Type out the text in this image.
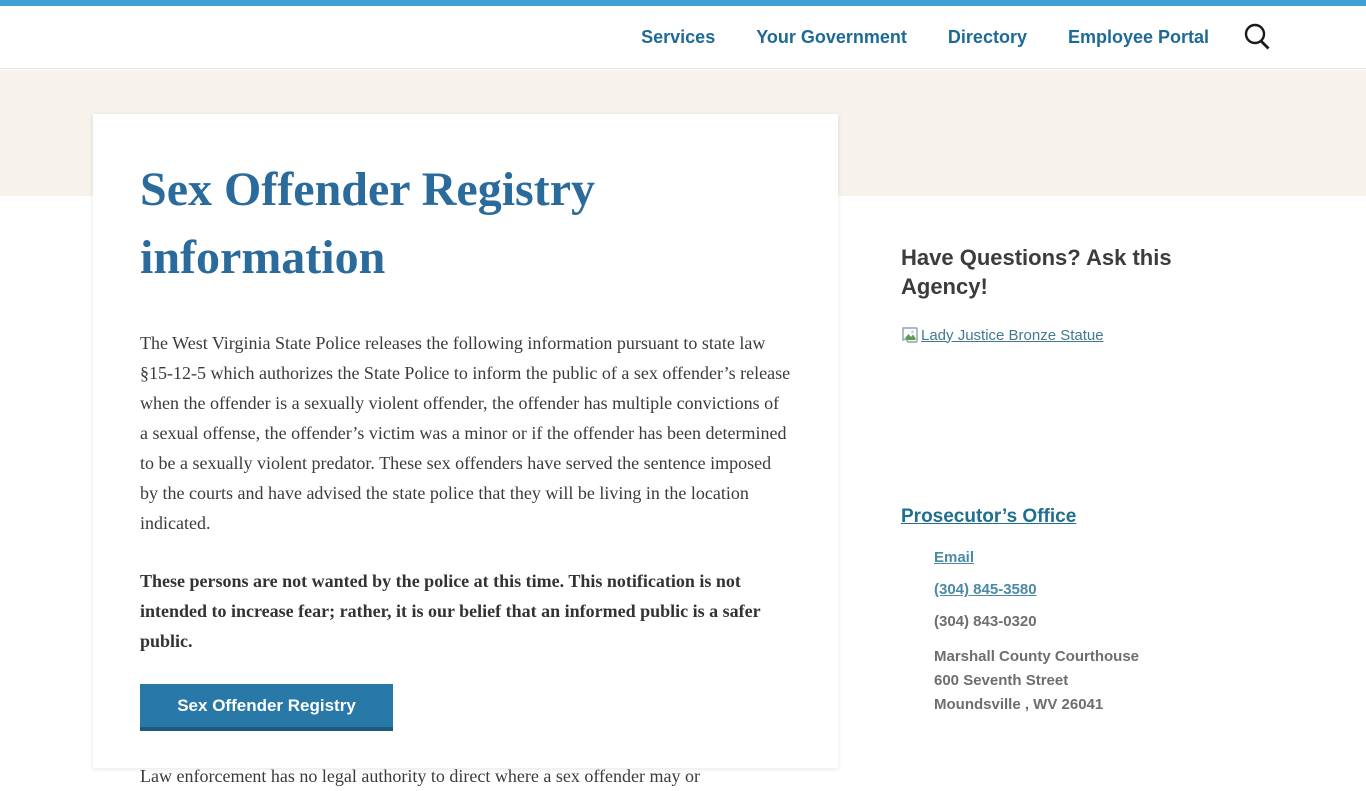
Services Your Government Directory Employee Portal
Sex Offender Registry information

The West Virginia State Police releases the following information pursuant to state law §15-12-5 which authorizes the State Police to inform the public of a sex offender’s release when the offender is a sexually violent offender, the offender has multiple convictions of a sexual offense, the offender’s victim was a minor or if the offender has been determined to be a sexually violent predator. These sex offenders have served the sentence imposed by the courts and have advised the state police that they will be living in the location indicated.

These persons are not wanted by the police at this time. This notification is not intended to increase fear; rather, it is our belief that an informed public is a safer public.

Sex Offender Registry

Law enforcement has no legal authority to direct where a sex offender may or

Have Questions? Ask this Agency!
Lady Justice Bronze Statue
Prosecutor’s Office
Email
(304) 845-3580
(304) 843-0320
Marshall County Courthouse
600 Seventh Street
Moundsville , WV 26041
